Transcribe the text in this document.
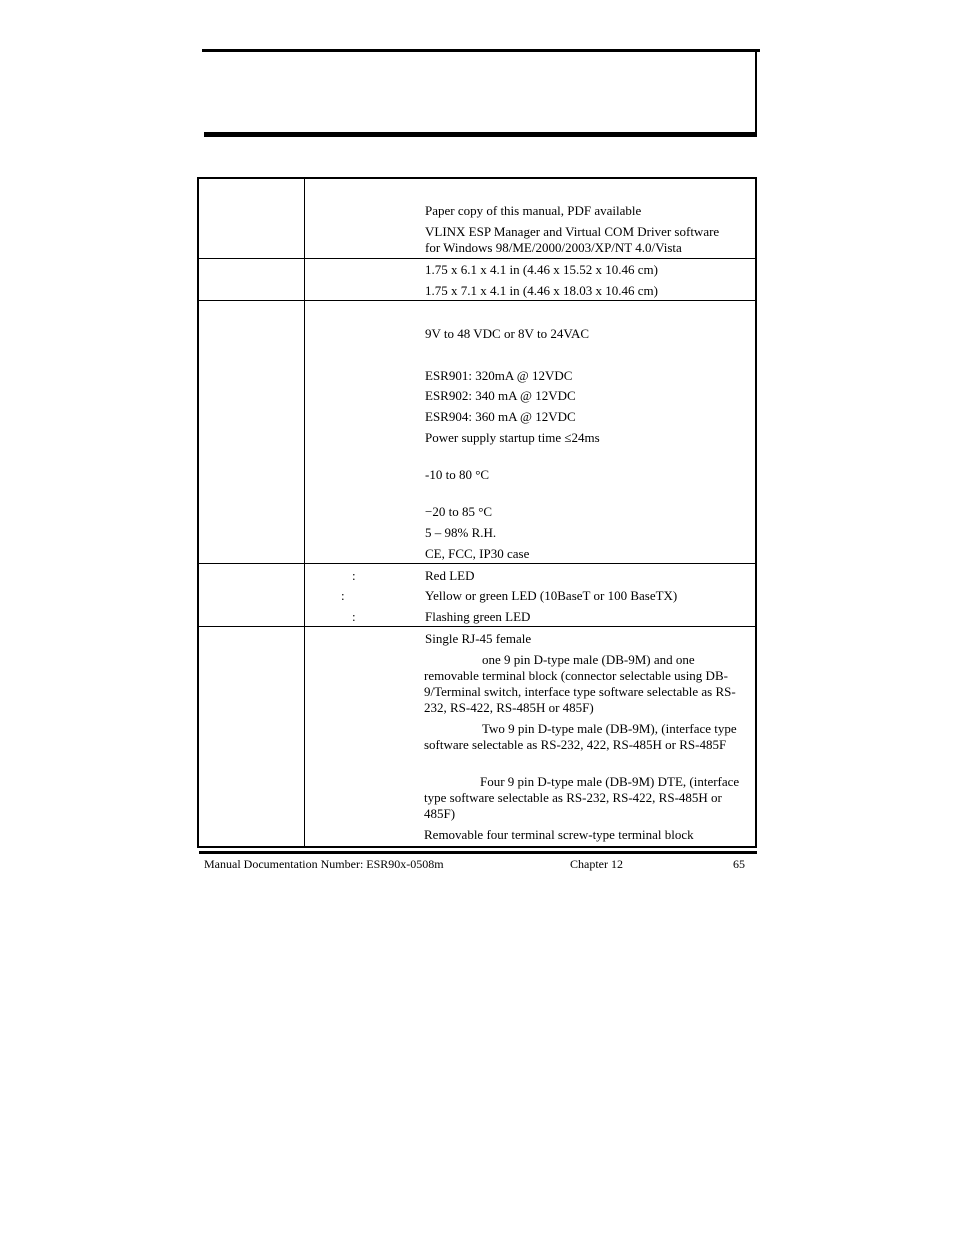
Paper copy of this manual, PDF available
VLINX ESP Manager and Virtual COM Driver software
for Windows 98/ME/2000/2003/XP/NT 4.0/Vista
1.75 x 6.1 x 4.1 in (4.46 x 15.52 x 10.46 cm)
1.75 x 7.1 x 4.1 in (4.46 x 18.03 x 10.46 cm)
9V to 48 VDC or 8V to 24VAC
ESR901: 320mA @ 12VDC
ESR902: 340 mA @ 12VDC
ESR904: 360 mA @ 12VDC
Power supply startup time ≤24ms
-10 to 80 °C
−20 to 85 °C
5 – 98% R.H.
CE, FCC, IP30 case
:
:
:
Red LED
Yellow or green LED (10BaseT or 100 BaseTX)
Flashing green LED
Single RJ-45 female
one 9 pin D-type male (DB-9M) and one removable terminal block (connector selectable using DB-9/Terminal switch, interface type software selectable as RS-232, RS-422, RS-485H or 485F)
Two 9 pin D-type male (DB-9M), (interface type software selectable as RS-232, 422, RS-485H or RS-485F
Four 9 pin D-type male (DB-9M) DTE, (interface type software selectable as RS-232, RS-422, RS-485H or 485F)
Removable four terminal screw-type terminal block
Manual Documentation Number: ESR90x-0508m	Chapter 12	65
